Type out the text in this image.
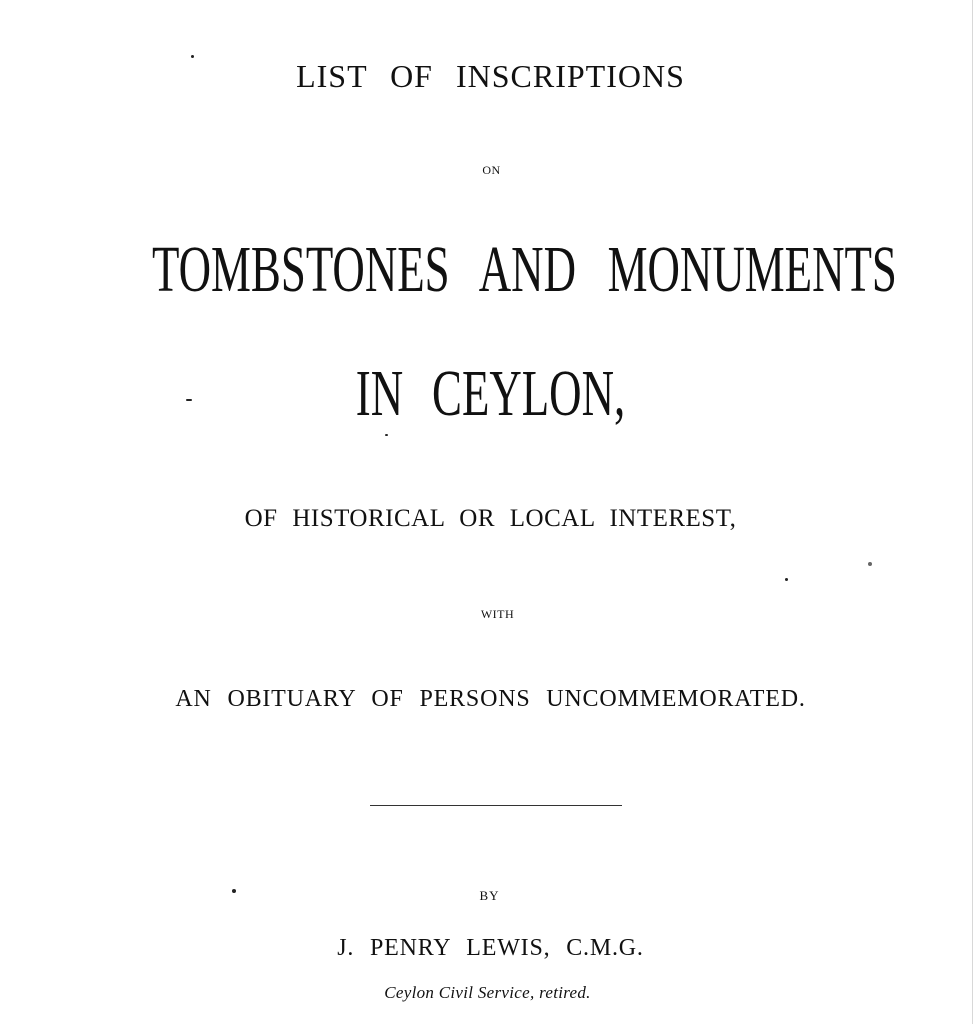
LIST OF INSCRIPTIONS
ON
TOMBSTONES AND MONUMENTS
IN CEYLON,
OF HISTORICAL OR LOCAL INTEREST,
WITH
AN OBITUARY OF PERSONS UNCOMMEMORATED.
BY
J. PENRY LEWIS, C.M.G.
Ceylon Civil Service, retired.
